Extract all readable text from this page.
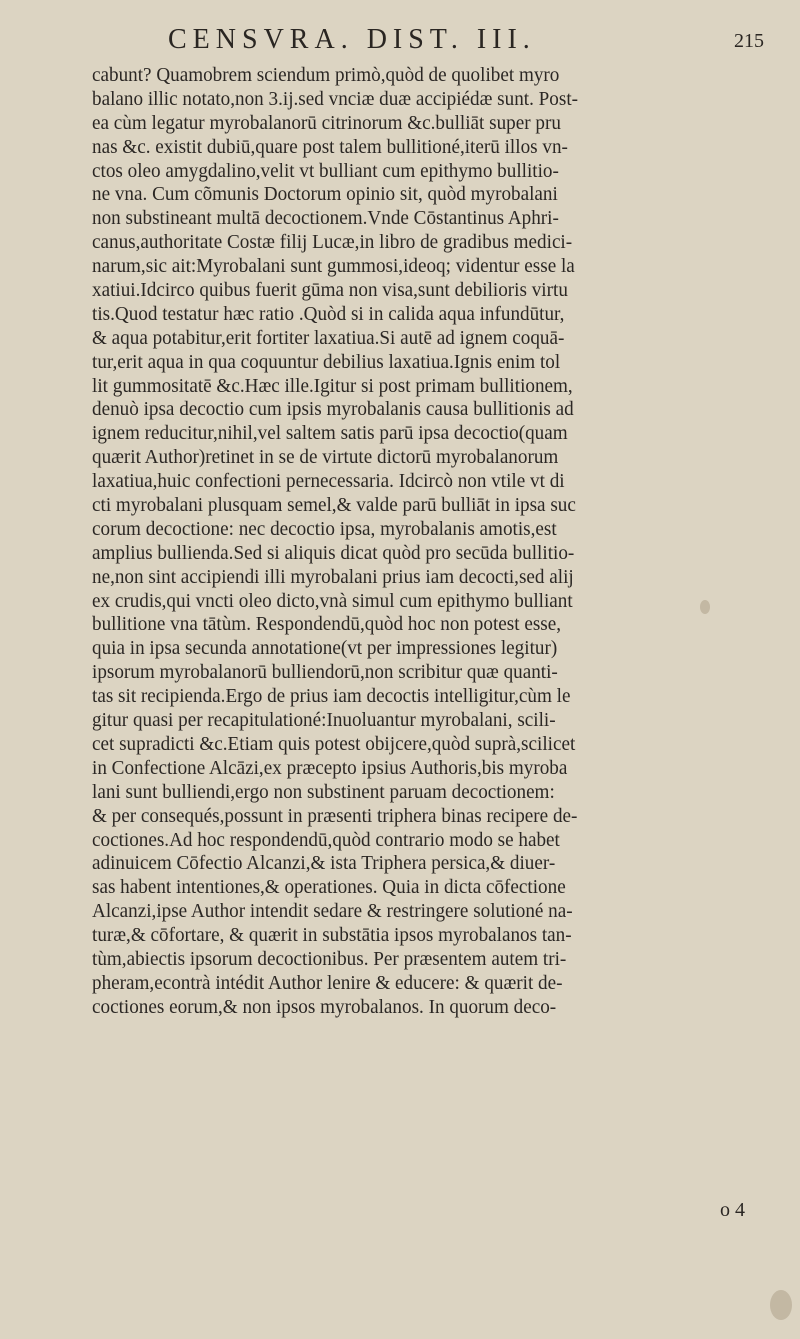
CENSVRA. DIST. III.	215
cabunt? Quamobrem sciendum primò,quòd de quolibet myro
balano illic notato,non 3.ij.sed vnciæ duæ accipiédæ sunt. Post-
ea cùm legatur myrobalanorū citrinorum &c.bulliāt super pru
nas &c. existit dubiū,quare post talem bullitioné,iterū illos vn-
ctos oleo amygdalino,velit vt bulliant cum epithymo bullitio-
ne vna. Cum cõmunis Doctorum opinio sit, quòd myrobalani
non substineant multā decoctionem.Vnde Cōstantinus Aphri-
canus,authoritate Costæ filij Lucæ,in libro de gradibus medici-
narum,sic ait:Myrobalani sunt gummosi,ideoq; videntur esse la
xatiui.Idcirco quibus fuerit gūma non visa,sunt debilioris virtu
tis.Quod testatur hæc ratio .Quòd si in calida aqua infundūtur,
& aqua potabitur,erit fortiter laxatiua.Si autē ad ignem coquā-
tur,erit aqua in qua coquuntur debilius laxatiua.Ignis enim tol
lit gummositatē &c.Hæc ille.Igitur si post primam bullitionem,
denuò ipsa decoctio cum ipsis myrobalanis causa bullitionis ad
ignem reducitur,nihil,vel saltem satis parū ipsa decoctio(quam
quærit Author)retinet in se de virtute dictorū myrobalanorum
laxatiua,huic confectioni pernecessaria. Idcircò non vtile vt di
cti myrobalani plusquam semel,& valde parū bulliāt in ipsa suc
corum decoctione: nec decoctio ipsa, myrobalanis amotis,est
amplius bullienda.Sed si aliquis dicat quòd pro secūda bullitio-
ne,non sint accipiendi illi myrobalani prius iam decocti,sed alij
ex crudis,qui vncti oleo dicto,vnà simul cum epithymo bulliant
bullitione vna tātùm. Respondendū,quòd hoc non potest esse,
quia in ipsa secunda annotatione(vt per impressiones legitur)
ipsorum myrobalanorū bulliendorū,non scribitur quæ quanti-
tas sit recipienda.Ergo de prius iam decoctis intelligitur,cùm le
gitur quasi per recapitulationé:Inuoluantur myrobalani, scili-
cet supradicti &c.Etiam quis potest obijcere,quòd suprà,scilicet
in Confectione Alcāzi,ex præcepto ipsius Authoris,bis myroba
lani sunt bulliendi,ergo non substinent paruam decoctionem:
& per consequés,possunt in præsenti triphera binas recipere de-
coctiones.Ad hoc respondendū,quòd contrario modo se habet
adinuicem Cōfectio Alcanzi,& ista Triphera persica,& diuer-
sas habent intentiones,& operationes. Quia in dicta cōfectione
Alcanzi,ipse Author intendit sedare & restringere solutioné na-
turæ,& cōfortare, & quærit in substātia ipsos myrobalanos tan-
tùm,abiectis ipsorum decoctionibus. Per præsentem autem tri-
pheram,econtrà intédit Author lenire & educere: & quærit de-
coctiones eorum,& non ipsos myrobalanos. In quorum deco-
o 4
